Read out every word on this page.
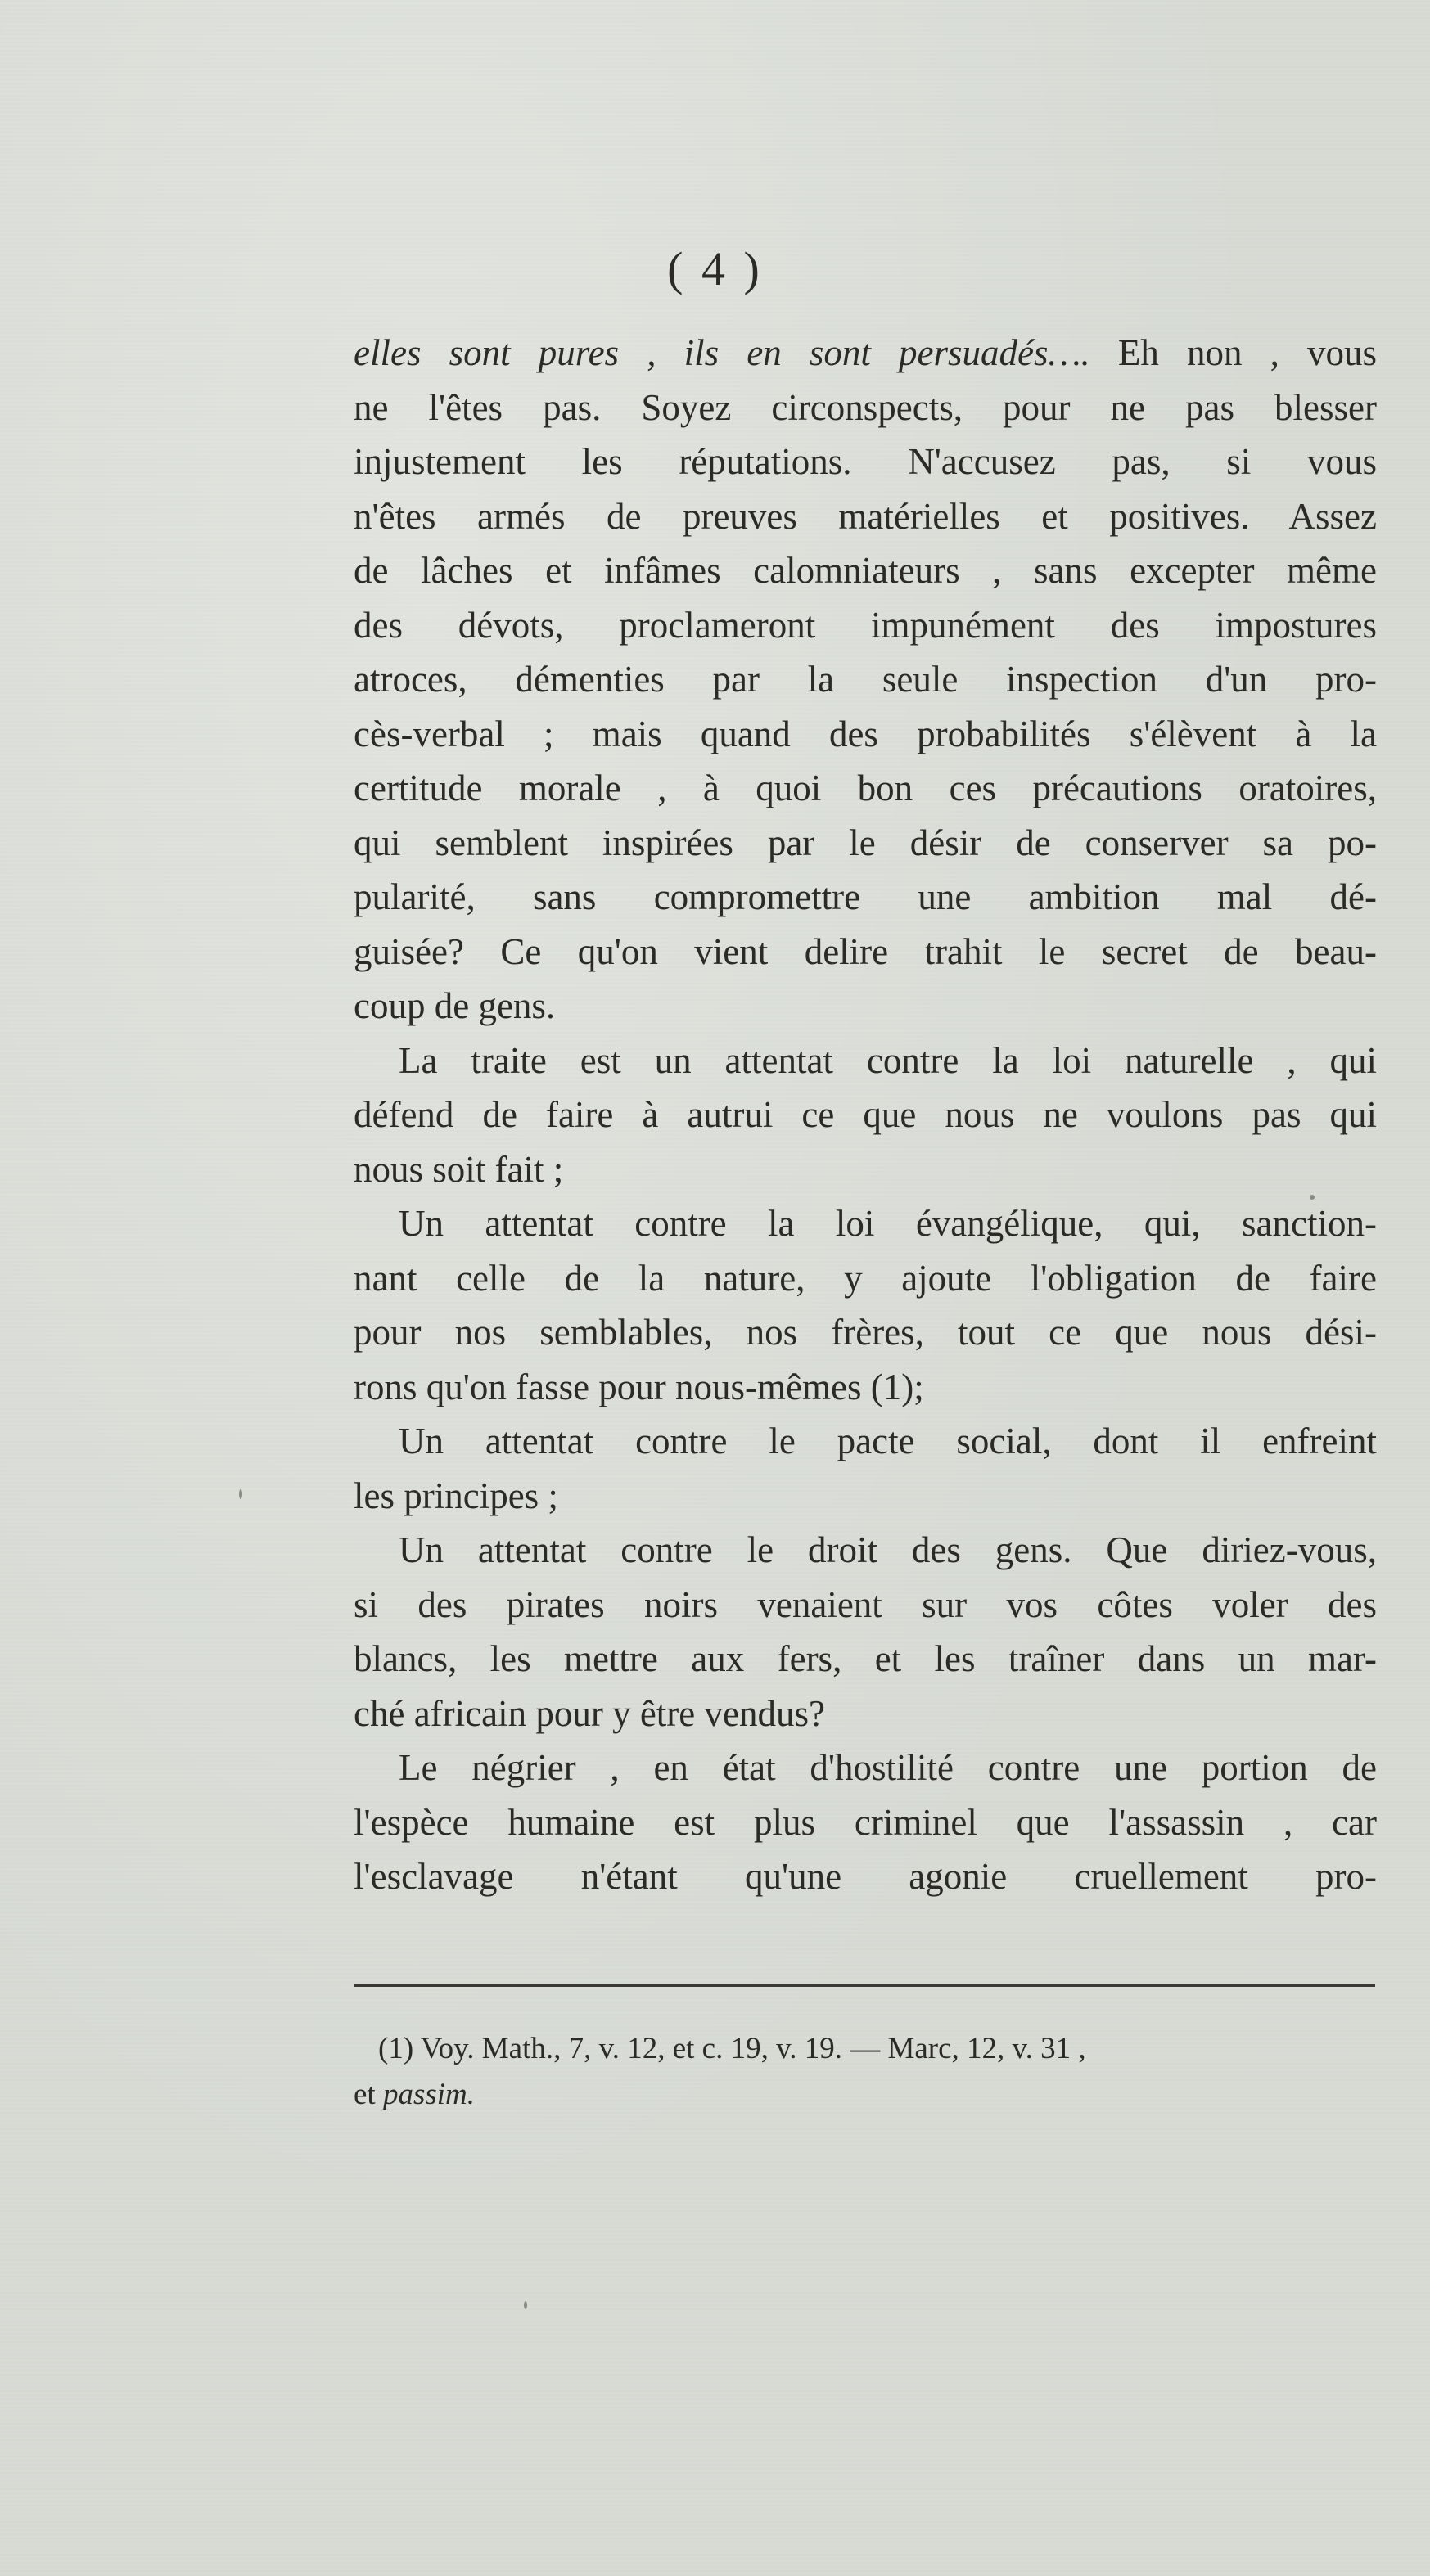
( 4 )
elles sont pures , ils en sont persuadés…. Eh non , vous
ne l'êtes pas. Soyez circonspects, pour ne pas blesser
injustement les réputations. N'accusez pas, si vous
n'êtes armés de preuves matérielles et positives. Assez
de lâches et infâmes calomniateurs , sans excepter même
des dévots, proclameront impunément des impostures
atroces, démenties par la seule inspection d'un pro-
cès-verbal ; mais quand des probabilités s'élèvent à la
certitude morale , à quoi bon ces précautions oratoires,
qui semblent inspirées par le désir de conserver sa po-
pularité, sans compromettre une ambition mal dé-
guisée? Ce qu'on vient delire trahit le secret de beau-
coup de gens.
La traite est un attentat contre la loi naturelle , qui
défend de faire à autrui ce que nous ne voulons pas qui
nous soit fait ;
Un attentat contre la loi évangélique, qui, sanction-
nant celle de la nature, y ajoute l'obligation de faire
pour nos semblables, nos frères, tout ce que nous dési-
rons qu'on fasse pour nous-mêmes (1);
Un attentat contre le pacte social, dont il enfreint
les principes ;
Un attentat contre le droit des gens. Que diriez-vous,
si des pirates noirs venaient sur vos côtes voler des
blancs, les mettre aux fers, et les traîner dans un mar-
ché africain pour y être vendus?
Le négrier , en état d'hostilité contre une portion de
l'espèce humaine est plus criminel que l'assassin , car
l'esclavage n'étant qu'une agonie cruellement pro-
(1) Voy. Math., 7, v. 12, et c. 19, v. 19. — Marc, 12, v. 31 ,
et passim.
